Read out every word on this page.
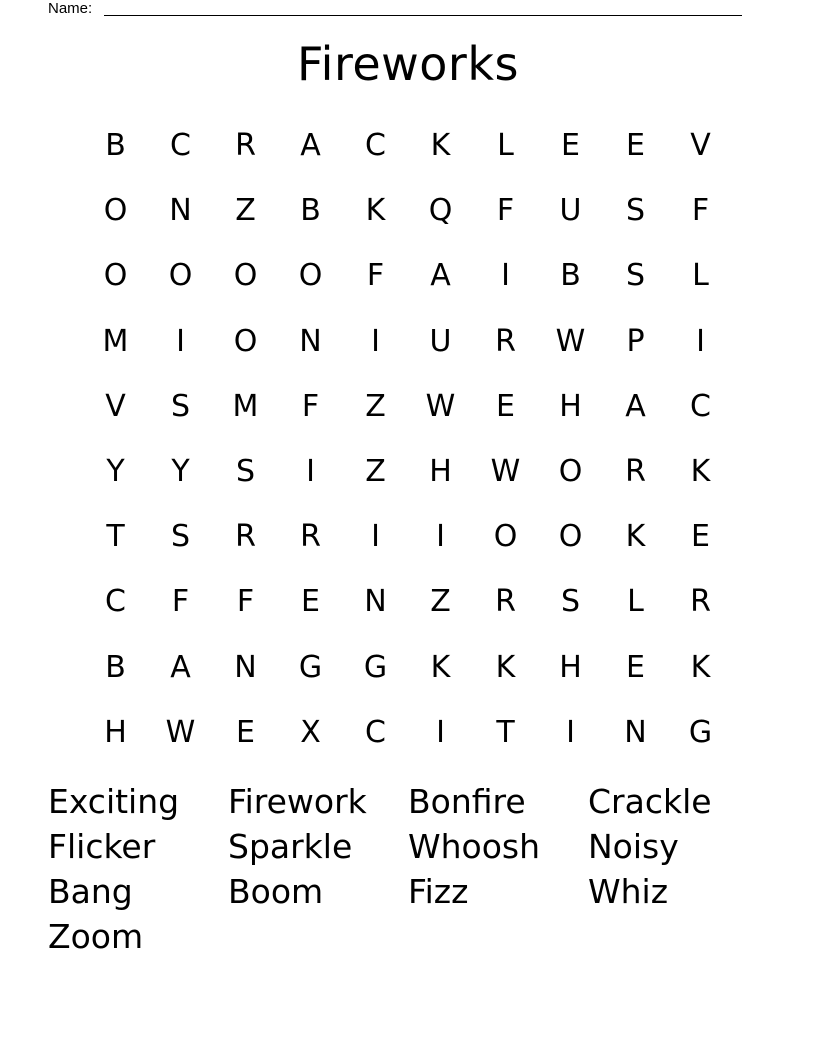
Name:
Fireworks
B	C	R	A	C	K	L	E	E	V
O	N	Z	B	K	Q	F	U	S	F
O	O	O	O	F	A	I	B	S	L
M	I	O	N	I	U	R	W	P	I
V	S	M	F	Z	W	E	H	A	C
Y	Y	S	I	Z	H	W	O	R	K
T	S	R	R	I	I	O	O	K	E
C	F	F	E	N	Z	R	S	L	R
B	A	N	G	G	K	K	H	E	K
H	W	E	X	C	I	T	I	N	G
Exciting	Firework	Bonfire	Crackle
Flicker	Sparkle	Whoosh	Noisy
Bang	Boom	Fizz	Whiz
Zoom
